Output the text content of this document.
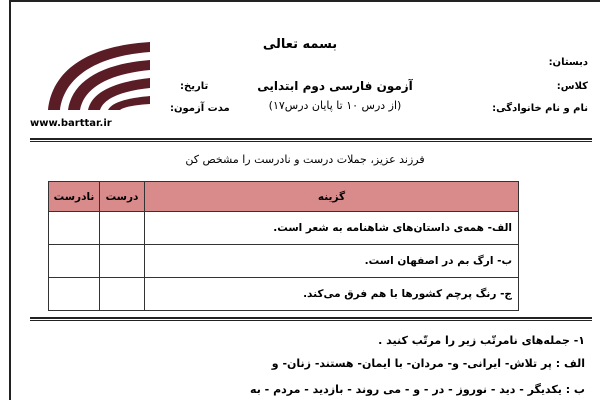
بسمه تعالی
دبستان:
کلاس:
نام و نام خانوادگی:
آزمون فارسی دوم ابتدایی
(از درس ۱۰ تا پایان درس۱۷)
تاریخ:
مدت آزمون:
www.barttar.ir
فرزند عزیز، جملات درست و نادرست را مشخص کن
گزینه	درست	نادرست
الف- همه‌ی داستان‌های شاهنامه به شعر است.		
ب- ارگ بم در اصفهان است.		
ج- رنگ پرچم کشورها با هم فرق می‌کند.		
۱- جمله‌های نامرتّب زیر را مرتّب کنید .
الف : پر تلاش- ایرانی- و- مردان- با ایمان- هستند- زنان- و
ب : یکدیگر - دید - نوروز - در - و - می روند - بازدید - مردم - به
